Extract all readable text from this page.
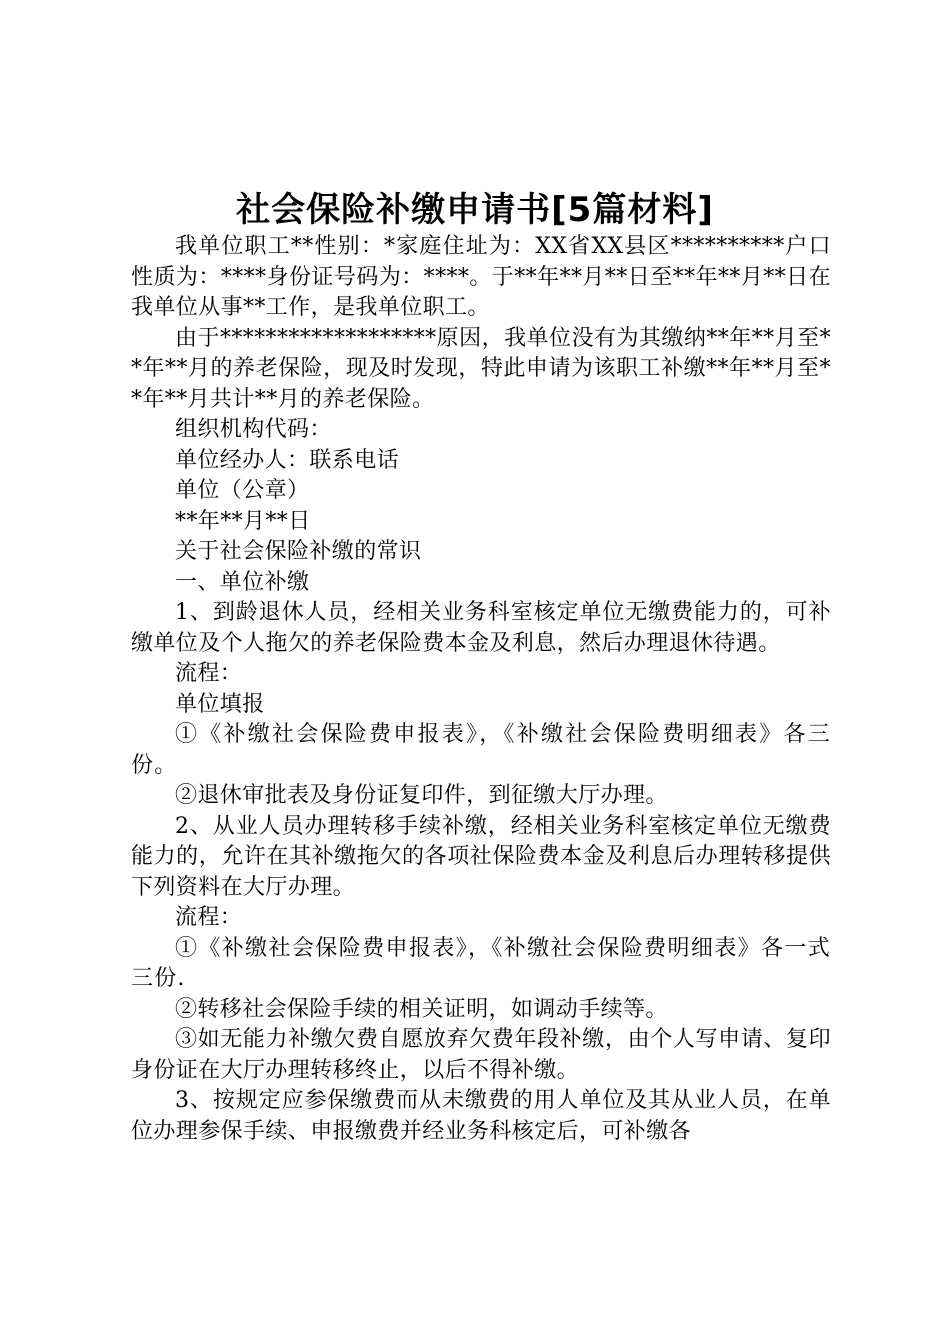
社会保险补缴申请书[5篇材料]

我单位职工**性别：*家庭住址为：XX省XX县区**********户口性质为：****身份证号码为：****。于**年**月**日至**年**月**日在我单位从事**工作，是我单位职工。

由于*******************原因，我单位没有为其缴纳**年**月至**年**月的养老保险，现及时发现，特此申请为该职工补缴**年**月至**年**月共计**月的养老保险。

组织机构代码：

单位经办人：联系电话

单位（公章）

**年**月**日

关于社会保险补缴的常识

一、单位补缴

1、到龄退休人员，经相关业务科室核定单位无缴费能力的，可补缴单位及个人拖欠的养老保险费本金及利息，然后办理退休待遇。

流程：

单位填报

①《补缴社会保险费申报表》，《补缴社会保险费明细表》各三份。

②退休审批表及身份证复印件，到征缴大厅办理。

2、从业人员办理转移手续补缴，经相关业务科室核定单位无缴费能力的，允许在其补缴拖欠的各项社保险费本金及利息后办理转移提供下列资料在大厅办理。

流程：

①《补缴社会保险费申报表》，《补缴社会保险费明细表》各一式三份.

②转移社会保险手续的相关证明，如调动手续等。

③如无能力补缴欠费自愿放弃欠费年段补缴，由个人写申请、复印身份证在大厅办理转移终止，以后不得补缴。

3、按规定应参保缴费而从未缴费的用人单位及其从业人员，在单位办理参保手续、申报缴费并经业务科核定后，可补缴各
